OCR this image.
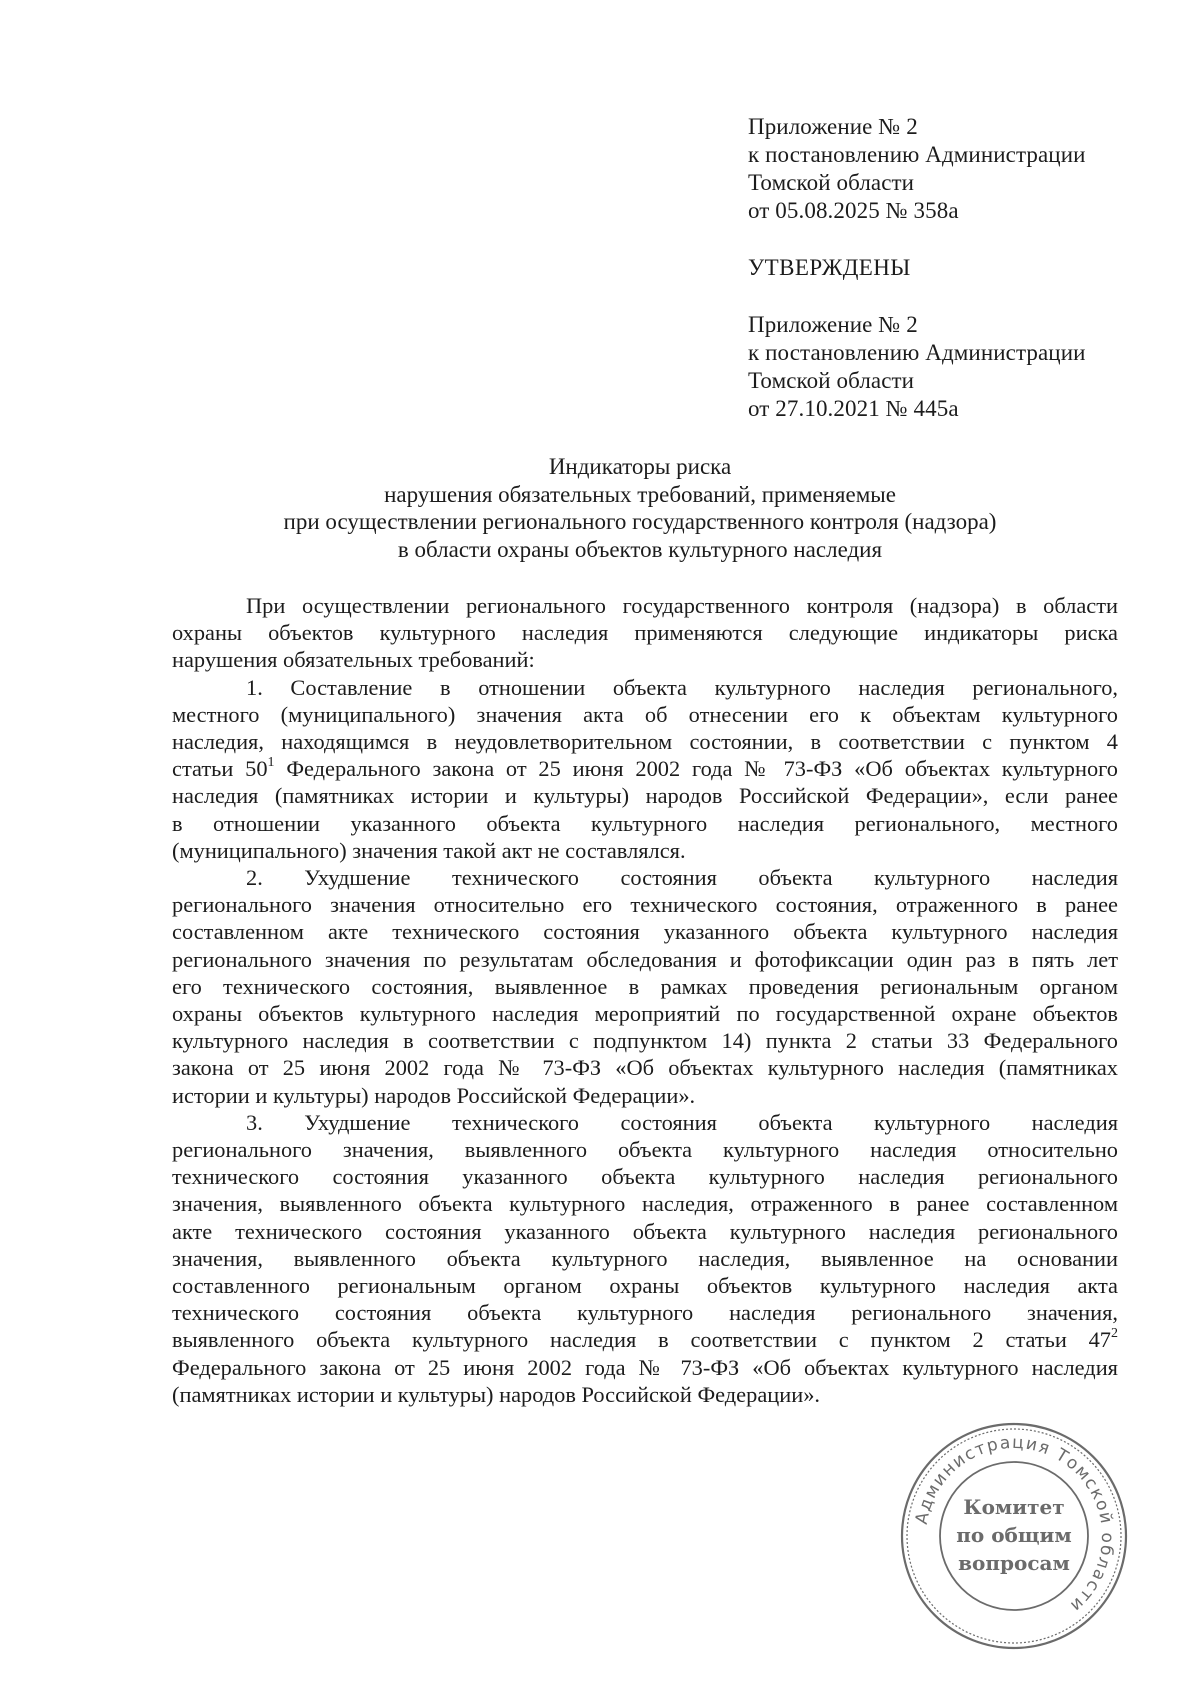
Приложение № 2
к постановлению Администрации
Томской области
от 05.08.2025 № 358а
УТВЕРЖДЕНЫ
Приложение № 2
к постановлению Администрации
Томской области
от 27.10.2021 № 445а
Индикаторы риска
нарушения обязательных требований, применяемые
при осуществлении регионального государственного контроля (надзора)
в области охраны объектов культурного наследия
При осуществлении регионального государственного контроля (надзора) в области
охраны объектов культурного наследия применяются следующие индикаторы риска
нарушения обязательных требований:
1. Составление в отношении объекта культурного наследия регионального,
местного (муниципального) значения акта об отнесении его к объектам культурного
наследия, находящимся в неудовлетворительном состоянии, в соответствии с пунктом 4
статьи $50^1$ Федерального закона от 25 июня 2002 года № 73-ФЗ «Об объектах культурного
наследия (памятниках истории и культуры) народов Российской Федерации», если ранее
в отношении указанного объекта культурного наследия регионального, местного
(муниципального) значения такой акт не составлялся.
2. Ухудшение технического состояния объекта культурного наследия
регионального значения относительно его технического состояния, отраженного в ранее
составленном акте технического состояния указанного объекта культурного наследия
регионального значения по результатам обследования и фотофиксации один раз в пять лет
его технического состояния, выявленное в рамках проведения региональным органом
охраны объектов культурного наследия мероприятий по государственной охране объектов
культурного наследия в соответствии с подпунктом 14) пункта 2 статьи 33 Федерального
закона от 25 июня 2002 года № 73-ФЗ «Об объектах культурного наследия (памятниках
истории и культуры) народов Российской Федерации».
3. Ухудшение технического состояния объекта культурного наследия
регионального значения, выявленного объекта культурного наследия относительно
технического состояния указанного объекта культурного наследия регионального
значения, выявленного объекта культурного наследия, отраженного в ранее составленном
акте технического состояния указанного объекта культурного наследия регионального
значения, выявленного объекта культурного наследия, выявленное на основании
составленного региональным органом охраны объектов культурного наследия акта
технического состояния объекта культурного наследия регионального значения,
выявленного объекта культурного наследия в соответствии с пунктом 2 статьи $47^2$
Федерального закона от 25 июня 2002 года № 73-ФЗ «Об объектах культурного наследия
(памятниках истории и культуры) народов Российской Федерации».
Администрация Томской области
Комитет
по общим
вопросам
